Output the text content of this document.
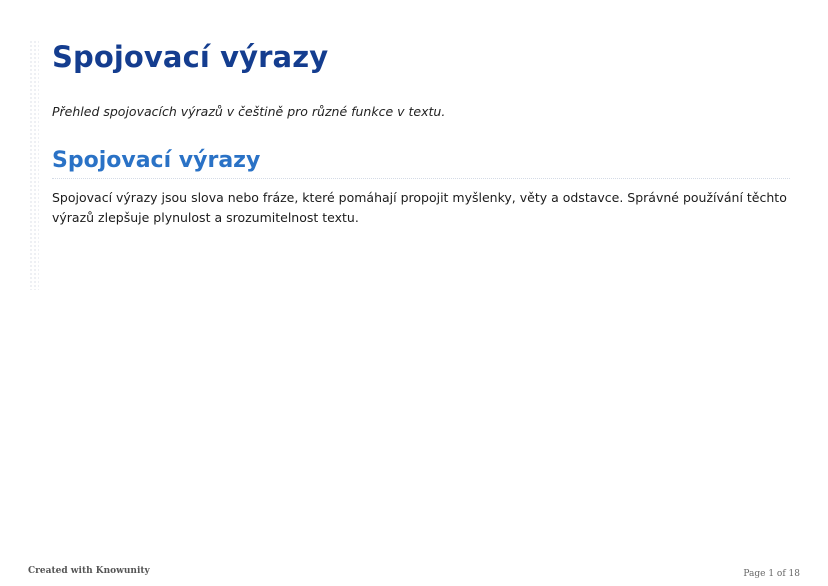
Spojovací výrazy

Přehled spojovacích výrazů v češtině pro různé funkce v textu.

Spojovací výrazy

Spojovací výrazy jsou slova nebo fráze, které pomáhají propojit myšlenky, věty a odstavce. Správné používání těchto výrazů zlepšuje plynulost a srozumitelnost textu.

Created with Knowunity	Page 1 of 18
